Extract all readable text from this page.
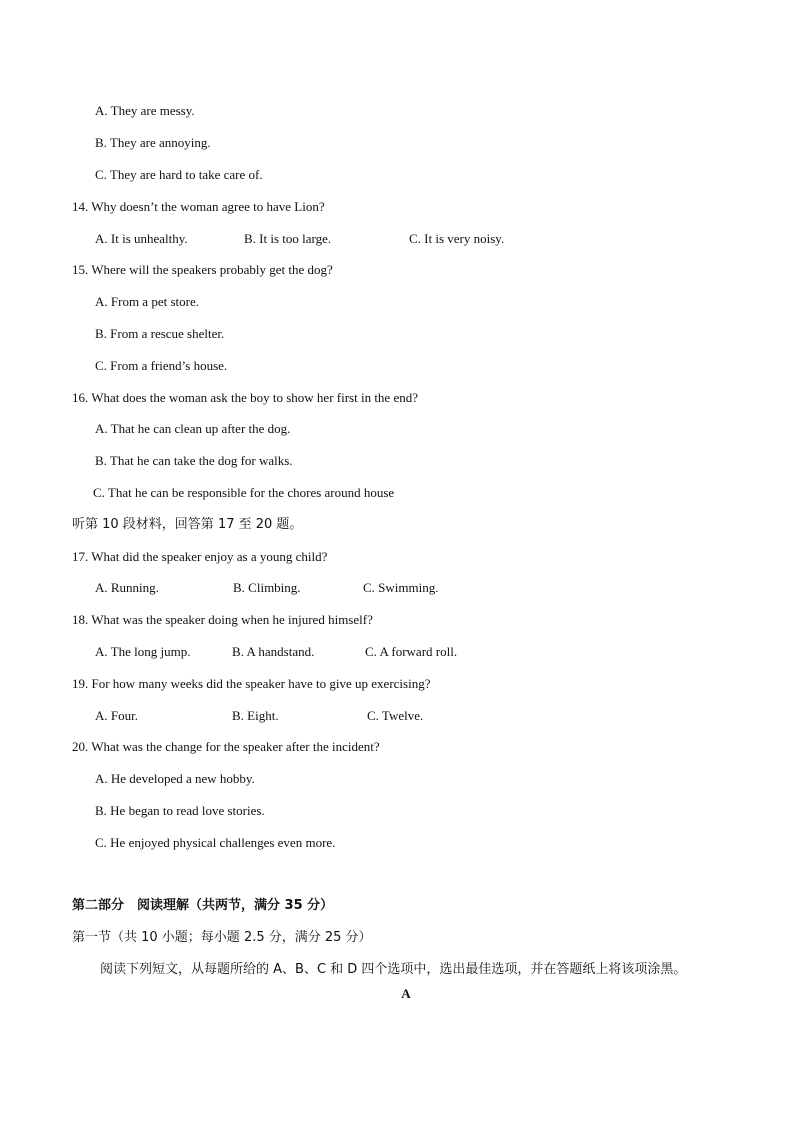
A. They are messy.
B. They are annoying.
C. They are hard to take care of.
14. Why doesn’t the woman agree to have Lion?
A. It is unhealthy.	B. It is too large.	C. It is very noisy.
15. Where will the speakers probably get the dog?
A. From a pet store.
B. From a rescue shelter.
C. From a friend’s house.
16. What does the woman ask the boy to show her first in the end?
A. That he can clean up after the dog.
B. That he can take the dog for walks.
C. That he can be responsible for the chores around house
听第 10 段材料，回答第 17 至 20 题。
17. What did the speaker enjoy as a young child?
A. Running.	B. Climbing.	C. Swimming.
18. What was the speaker doing when he injured himself?
A. The long jump.	B. A handstand.	C. A forward roll.
19. For how many weeks did the speaker have to give up exercising?
A. Four.	B. Eight.	C. Twelve.
20. What was the change for the speaker after the incident?
A. He developed a new hobby.
B. He began to read love stories.
C. He enjoyed physical challenges even more.
第二部分　阅读理解（共两节，满分 35 分）
第一节（共 10 小题；每小题 2.5 分，满分 25 分）
阅读下列短文，从每题所给的 A、B、C 和 D 四个选项中，选出最佳选项，并在答题纸上将该项涂黑。
A
